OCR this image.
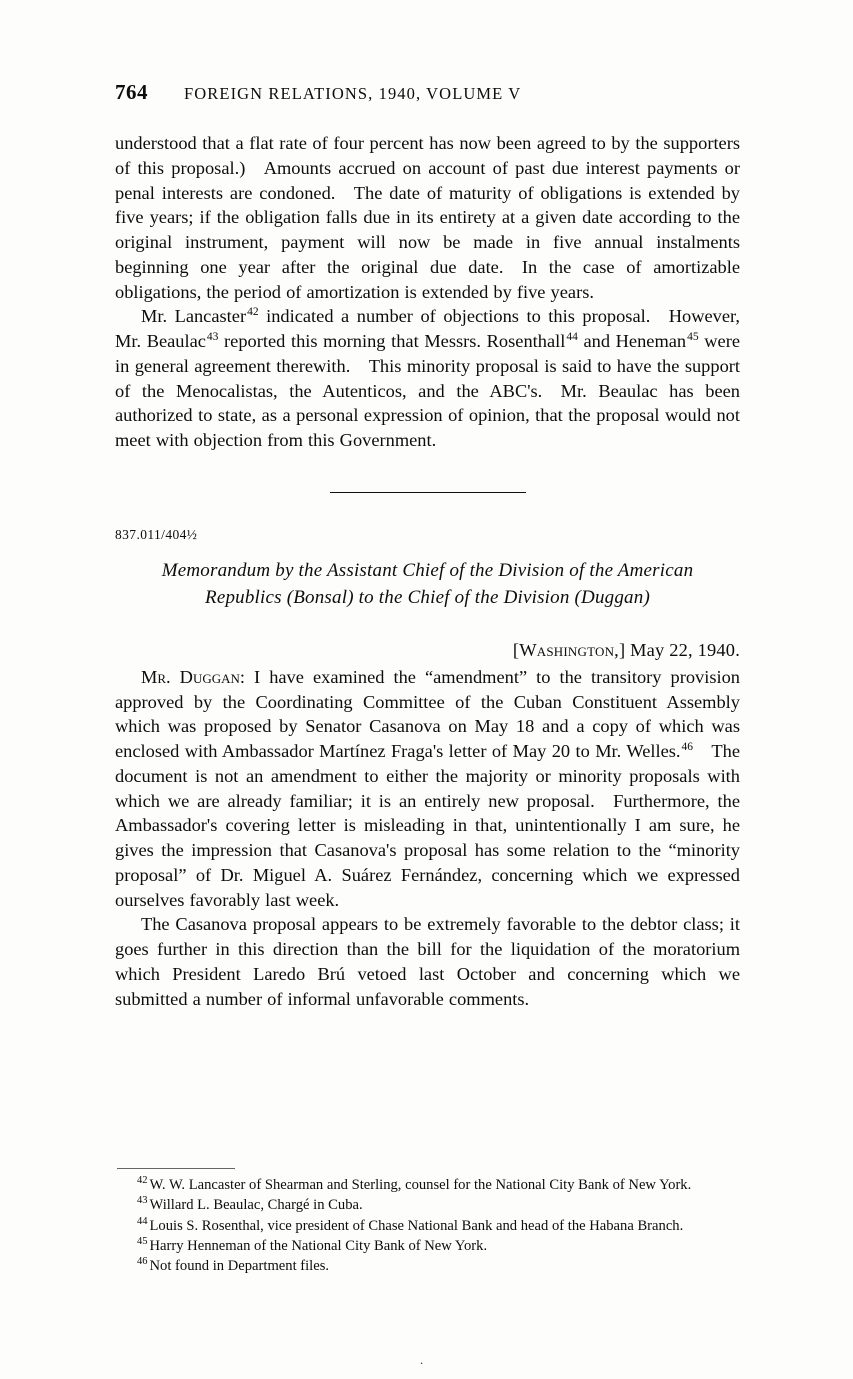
764 FOREIGN RELATIONS, 1940, VOLUME V

understood that a flat rate of four percent has now been agreed to by the supporters of this proposal.) Amounts accrued on account of past due interest payments or penal interests are condoned. The date of maturity of obligations is extended by five years; if the obligation falls due in its entirety at a given date according to the original instrument, payment will now be made in five annual instalments beginning one year after the original due date. In the case of amortizable obligations, the period of amortization is extended by five years.

Mr. Lancaster$^{42}$ indicated a number of objections to this proposal. However, Mr. Beaulac$^{43}$ reported this morning that Messrs. Rosenthall$^{44}$ and Heneman$^{45}$ were in general agreement therewith. This minority proposal is said to have the support of the Menocalistas, the Autenticos, and the ABC's. Mr. Beaulac has been authorized to state, as a personal expression of opinion, that the proposal would not meet with objection from this Government.

837.011/404½
Memorandum by the Assistant Chief of the Division of the American
Republics (Bonsal) to the Chief of the Division (Duggan)
[Washington,] May 22, 1940.

Mr. Duggan: I have examined the “amendment” to the transitory provision approved by the Coordinating Committee of the Cuban Constituent Assembly which was proposed by Senator Casanova on May 18 and a copy of which was enclosed with Ambassador Martínez Fraga's letter of May 20 to Mr. Welles.$^{46}$ The document is not an amendment to either the majority or minority proposals with which we are already familiar; it is an entirely new proposal. Furthermore, the Ambassador's covering letter is misleading in that, unintentionally I am sure, he gives the impression that Casanova's proposal has some relation to the “minority proposal” of Dr. Miguel A. Suárez Fernández, concerning which we expressed ourselves favorably last week.

The Casanova proposal appears to be extremely favorable to the debtor class; it goes further in this direction than the bill for the liquidation of the moratorium which President Laredo Brú vetoed last October and concerning which we submitted a number of informal unfavorable comments.

$^{42}$ W. W. Lancaster of Shearman and Sterling, counsel for the National City Bank of New York.

$^{43}$ Willard L. Beaulac, Chargé in Cuba.

$^{44}$ Louis S. Rosenthal, vice president of Chase National Bank and head of the Habana Branch.

$^{45}$ Harry Henneman of the National City Bank of New York.

$^{46}$ Not found in Department files.

.
